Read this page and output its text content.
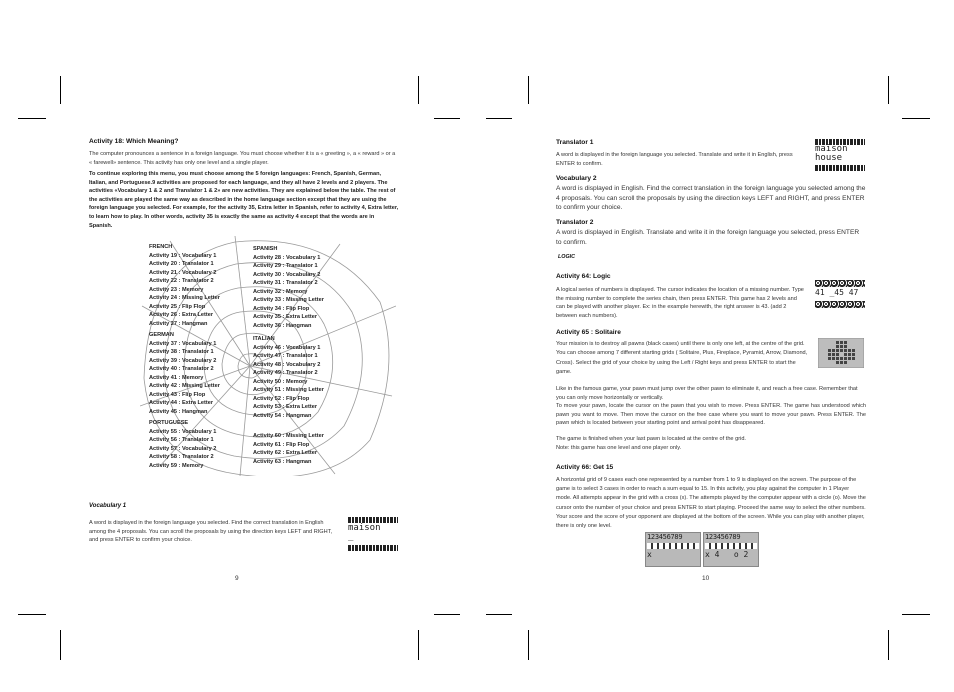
Activity 18: Which Meaning?
The computer pronounces a sentence in a foreign language. You must choose whether it is a « greeting », a « reward » or a « farewell» sentence. This activity has only one level and a single player.
To continue exploring this menu, you must choose among the 5 foreign languages: French, Spanish, German, Italian, and Portuguese.9 activities are proposed for each language, and they all have 2 levels and 2 players. The activities «Vocabulary 1 & 2 and Translator 1 & 2» are new activities. They are explained below the table. The rest of the activities are played the same way as described in the home language section except that they are using the foreign language you selected. For example, for the activity 35, Extra letter in Spanish, refer to activity 4, Extra letter, to learn how to play. In other words, activity 35 is exactly the same as activity 4 except that the words are in Spanish.
FRENCH
Activity 19 : Vocabulary 1
Activity 20 : Translator 1
Activity 21 : Vocabulary 2
Activity 22 : Translator 2
Activity 23 : Memory
Activity 24 : Missing Letter
Activity 25 : Flip Flop
Activity 26 : Extra Letter
Activity 27 : Hangman
GERMAN
Activity 37 : Vocabulary 1
Activity 38 : Translator 1
Activity 39 : Vocabulary 2
Activity 40 : Translator 2
Activity 41 : Memory
Activity 42 : Missing Letter
Activity 43 : Flip Flop
Activity 44 : Extra Letter
Activity 45 : Hangman
PORTUGUESE
Activity 55 : Vocabulary 1
Activity 56 : Translator 1
Activity 57 : Vocabulary 2
Activity 58 : Translator 2
Activity 59 : Memory
SPANISH
Activity 28 : Vocabulary 1
Activity 29 : Translator 1
Activity 30 : Vocabulary 2
Activity 31 : Translator 2
Activity 32 : Memory
Activity 33 : Missing Letter
Activity 34 : Flip Flop
Activity 35 : Extra Letter
Activity 36 : Hangman
ITALIAN
Activity 46 : Vocabulary 1
Activity 47 : Translator 1
Activity 48 : Vocabulary 2
Activity 49 : Translator 2
Activity 50 : Memory
Activity 51 : Missing Letter
Activity 52 : Flip Flop
Activity 53 : Extra Letter
Activity 54 : Hangman
Activity 60 : Missing Letter
Activity 61 : Flip Flop
Activity 62 : Extra Letter
Activity 63 : Hangman
Vocabulary 1
A word is displayed in the foreign language you selected. Find the correct translation in English among the 4 proposals. You can scroll the proposals by using the direction keys LEFT and RIGHT, and press ENTER to confirm your choice.
maison
_
9
Translator 1
A word is displayed in the foreign language you selected. Translate and write it in English, press ENTER to confirm.
maison
house
Vocabulary 2
A word is displayed in English. Find the correct translation in the foreign language you selected among the 4 proposals. You can scroll the proposals by using the direction keys LEFT and RIGHT, and press ENTER to confirm your choice.
Translator 2
A word is displayed in English. Translate and write it in the foreign language you selected, press ENTER to confirm.
LOGIC
Activity 64: Logic
A logical series of numbers is displayed. The cursor indicates the location of a missing number. Type the missing number to complete the series chain, then press ENTER. This game has 2 levels and can be played with another player. Ex: in the example herewith, the right answer is 43. (add 2 between each numbers).
41 _45 47
Activity 65 : Solitaire
Your mission is to destroy all pawns (black cases) until there is only one left, at the centre of the grid. You can choose among 7 different starting grids ( Solitaire, Plus, Fireplace, Pyramid, Arrow, Diamond, Cross). Select the grid of your choice by using the Left / Right keys and press ENTER to start the game.
Like in the famous game, your pawn must jump over the other pawn to eliminate it, and reach a free case. Remember that you can only move horizontally or vertically.
To move your pawn, locate the cursor on the pawn that you wish to move. Press ENTER. The game has understood which pawn you want to move. Then move the cursor on the free case where you want to move your pawn. Press ENTER. The pawn which is located between your starting point and arrival point has disappeared.
The game is finished when your last pawn is located at the centre of the grid.
Note: this game has one level and one player only.
Activity 66: Get 15
A horizontal grid of 9 cases each one represented by a number from 1 to 9 is displayed on the screen. The purpose of the game is to select 3 cases in order to reach a sum equal to 15. In this activity, you play against the computer in 1 Player mode. All attempts appear in the grid with a cross (x). The attempts played by the computer appear with a circle (o). Move the cursor onto the number of your choice and press ENTER to start playing. Proceed the same way to select the other numbers. Your score and the score of your opponent are displayed at the bottom of the screen. While you can play with another player, there is only one level.
123456789
x
123456789
x 4   o 2
10
